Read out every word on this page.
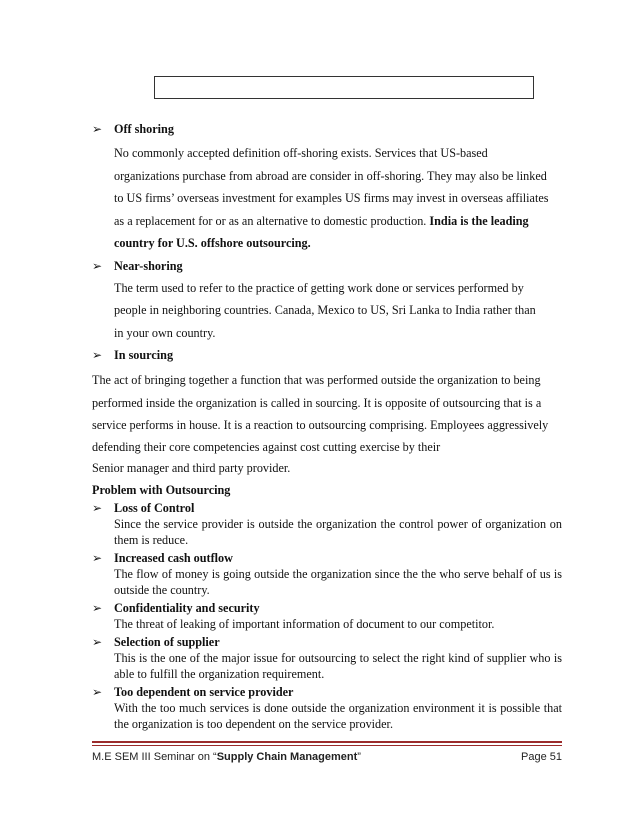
➢ Off shoring

No commonly accepted definition off-shoring exists. Services that US-based

organizations purchase from abroad are consider in off-shoring. They may also be linked

to US firms’ overseas investment for examples US firms may invest in overseas affiliates

as a replacement for or as an alternative to domestic production. India is the leading

country for U.S. offshore outsourcing.

➢ Near-shoring

The term used to refer to the practice of getting work done or services performed by

people in neighboring countries. Canada, Mexico to US, Sri Lanka to India rather than

in your own country.

➢ In sourcing

The act of bringing together a function that was performed outside the organization to being

performed inside the organization is called in sourcing. It is opposite of outsourcing that is a

service performs in house. It is a reaction to outsourcing comprising. Employees aggressively

defending their core competencies against cost cutting exercise by their

Senior manager and third party provider.

Problem with Outsourcing
➢ Loss of Control

Since the service provider is outside the organization the control power of organization on them is reduce.

➢ Increased cash outflow

The flow of money is going outside the organization since the the who serve behalf of us is outside the country.

➢ Confidentiality and security

The threat of leaking of important information of document to our competitor.

➢ Selection of supplier

This is the one of the major issue for outsourcing to select the right kind of supplier who is able to fulfill the organization requirement.

➢ Too dependent on service provider

With the too much services is done outside the organization environment it is possible that the organization is too dependent on the service provider.

M.E SEM III Seminar on “Supply Chain Management”	Page 51
